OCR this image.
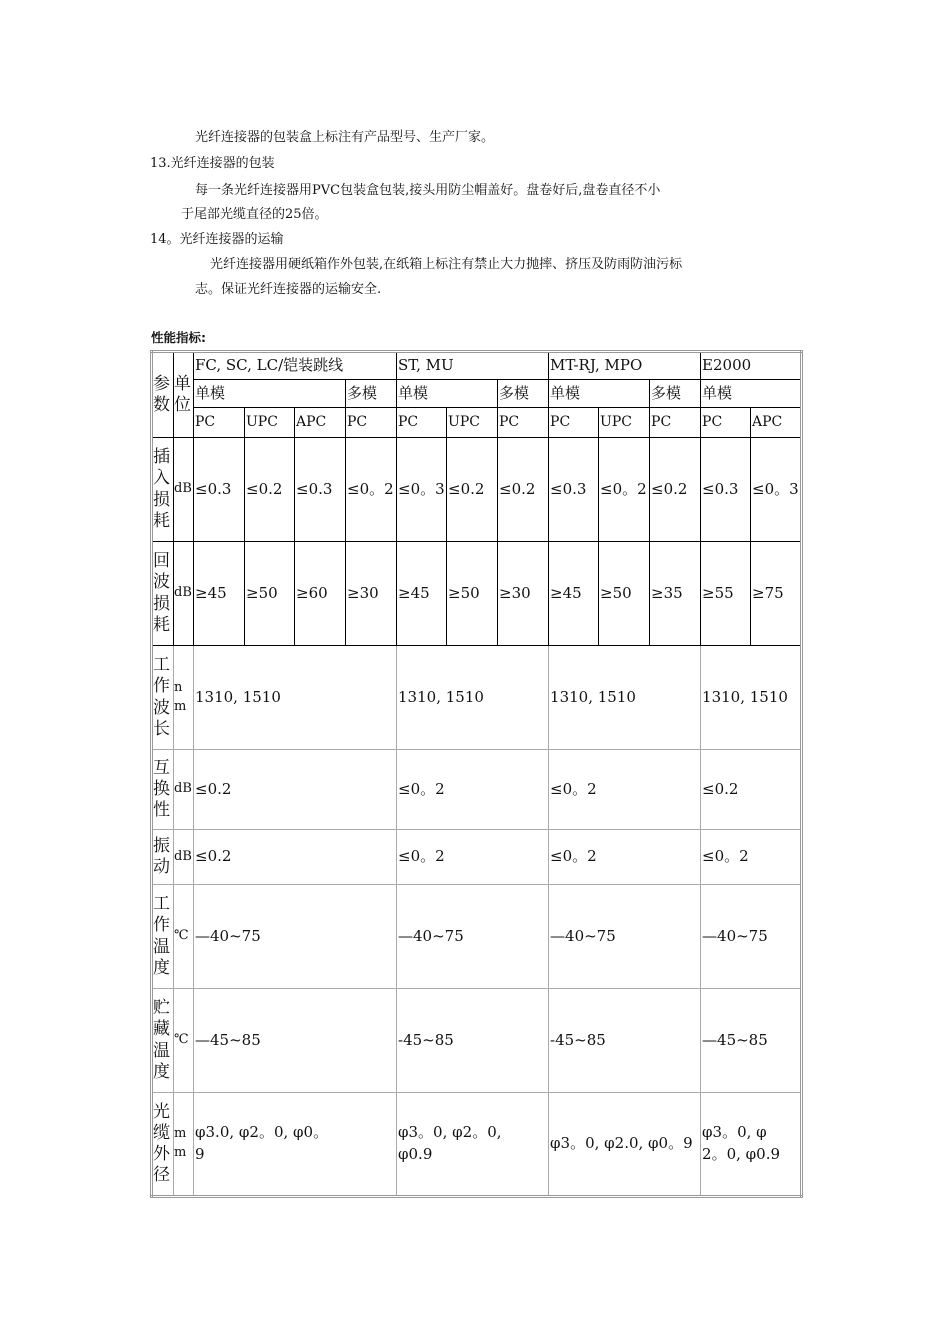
光纤连接器的包装盒上标注有产品型号、生产厂家。
13.光纤连接器的包装
每一条光纤连接器用PVC包装盒包装,接头用防尘帽盖好。盘卷好后,盘卷直径不小
于尾部光缆直径的25倍。
14。光纤连接器的运输
光纤连接器用硬纸箱作外包装,在纸箱上标注有禁止大力抛摔、挤压及防雨防油污标
志。保证光纤连接器的运输安全.
性能指标:
参数	单位	FC, SC, LC/铠装跳线				ST, MU			MT-RJ, MPO			E2000	
		单模			多模	单模		多模	单模		多模	单模	
		PC	UPC	APC	PC	PC	UPC	PC	PC	UPC	PC	PC	APC
插入损耗	dB	≤0.3	≤0.2	≤0.3	≤0。2	≤0。3	≤0.2	≤0.2	≤0.3	≤0。2	≤0.2	≤0.3	≤0。3
回波损耗	dB	≥45	≥50	≥60	≥30	≥45	≥50	≥30	≥45	≥50	≥35	≥55	≥75
工作波长	nm	1310, 1510				1310, 1510			1310, 1510			1310, 1510	
互换性	dB	≤0.2				≤0。2			≤0。2			≤0.2	
振动	dB	≤0.2				≤0。2			≤0。2			≤0。2	
工作温度	℃	—40~75				—40~75			—40~75			—40~75	
贮藏温度	℃	—45~85				-45~85			-45~85			—45~85	
光缆外径	mm	φ3.0, φ2。0, φ0。9				φ3。0, φ2。0, φ0.9			φ3。0, φ2.0, φ0。9			φ3。0, φ2。0, φ0.9	
